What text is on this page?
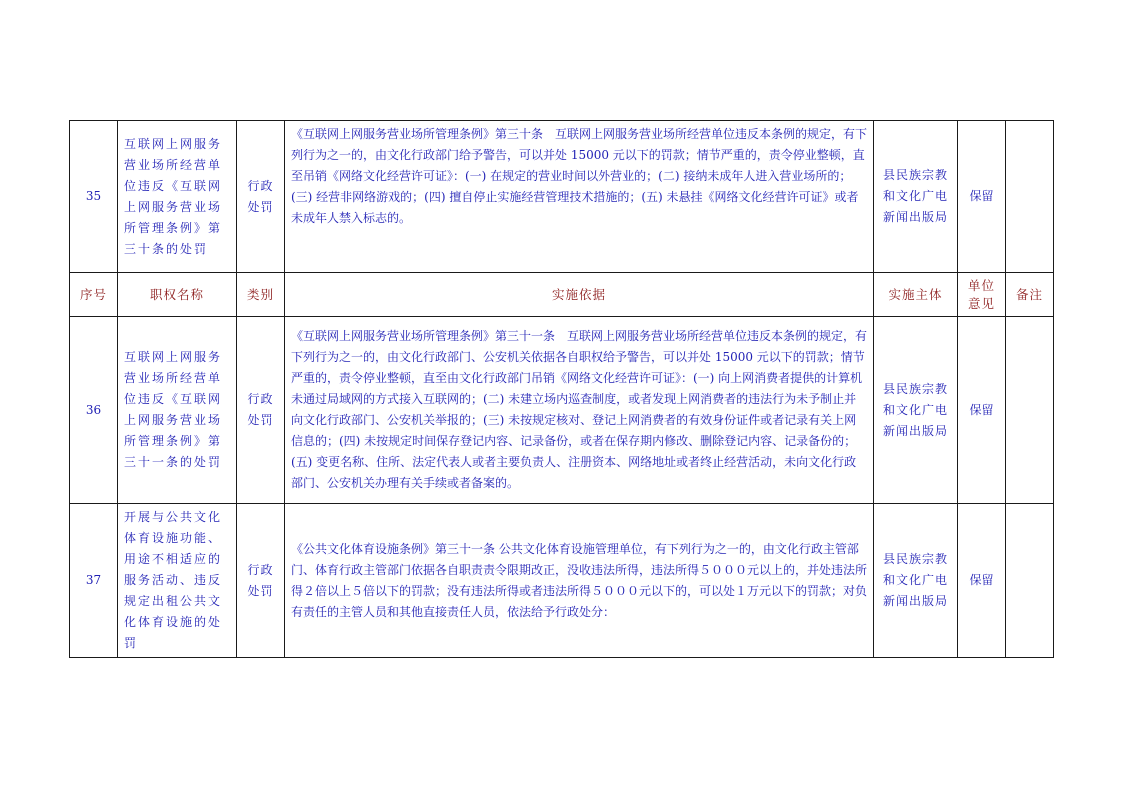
35	互联网上网服务营业场所经营单位违反《互联网上网服务营业场所管理条例》第三十条的处罚	行政处罚	《互联网上网服务营业场所管理条例》第三十条　互联网上网服务营业场所经营单位违反本条例的规定，有下列行为之一的，由文化行政部门给予警告，可以并处 15000 元以下的罚款；情节严重的，责令停业整顿，直至吊销《网络文化经营许可证》：(一) 在规定的营业时间以外营业的；(二) 接纳未成年人进入营业场所的；(三) 经营非网络游戏的；(四) 擅自停止实施经营管理技术措施的；(五) 未悬挂《网络文化经营许可证》或者未成年人禁入标志的。	县民族宗教和文化广电新闻出版局	保留	
序号	职权名称	类别	实施依据	实施主体	单位意见	备注
36	互联网上网服务营业场所经营单位违反《互联网上网服务营业场所管理条例》第三十一条的处罚	行政处罚	《互联网上网服务营业场所管理条例》第三十一条　互联网上网服务营业场所经营单位违反本条例的规定，有下列行为之一的，由文化行政部门、公安机关依据各自职权给予警告，可以并处 15000 元以下的罚款；情节严重的，责令停业整顿，直至由文化行政部门吊销《网络文化经营许可证》：(一) 向上网消费者提供的计算机未通过局域网的方式接入互联网的；(二) 未建立场内巡查制度，或者发现上网消费者的违法行为未予制止并向文化行政部门、公安机关举报的；(三) 未按规定核对、登记上网消费者的有效身份证件或者记录有关上网信息的；(四) 未按规定时间保存登记内容、记录备份，或者在保存期内修改、删除登记内容、记录备份的；(五) 变更名称、住所、法定代表人或者主要负责人、注册资本、网络地址或者终止经营活动，未向文化行政部门、公安机关办理有关手续或者备案的。	县民族宗教和文化广电新闻出版局	保留	
37	开展与公共文化体育设施功能、用途不相适应的服务活动、违反规定出租公共文化体育设施的处罚	行政处罚	《公共文化体育设施条例》第三十一条 公共文化体育设施管理单位，有下列行为之一的，由文化行政主管部门、体育行政主管部门依据各自职责责令限期改正，没收违法所得，违法所得５０００元以上的，并处违法所得２倍以上５倍以下的罚款；没有违法所得或者违法所得５０００元以下的，可以处１万元以下的罚款；对负有责任的主管人员和其他直接责任人员，依法给予行政处分：	县民族宗教和文化广电新闻出版局	保留	
